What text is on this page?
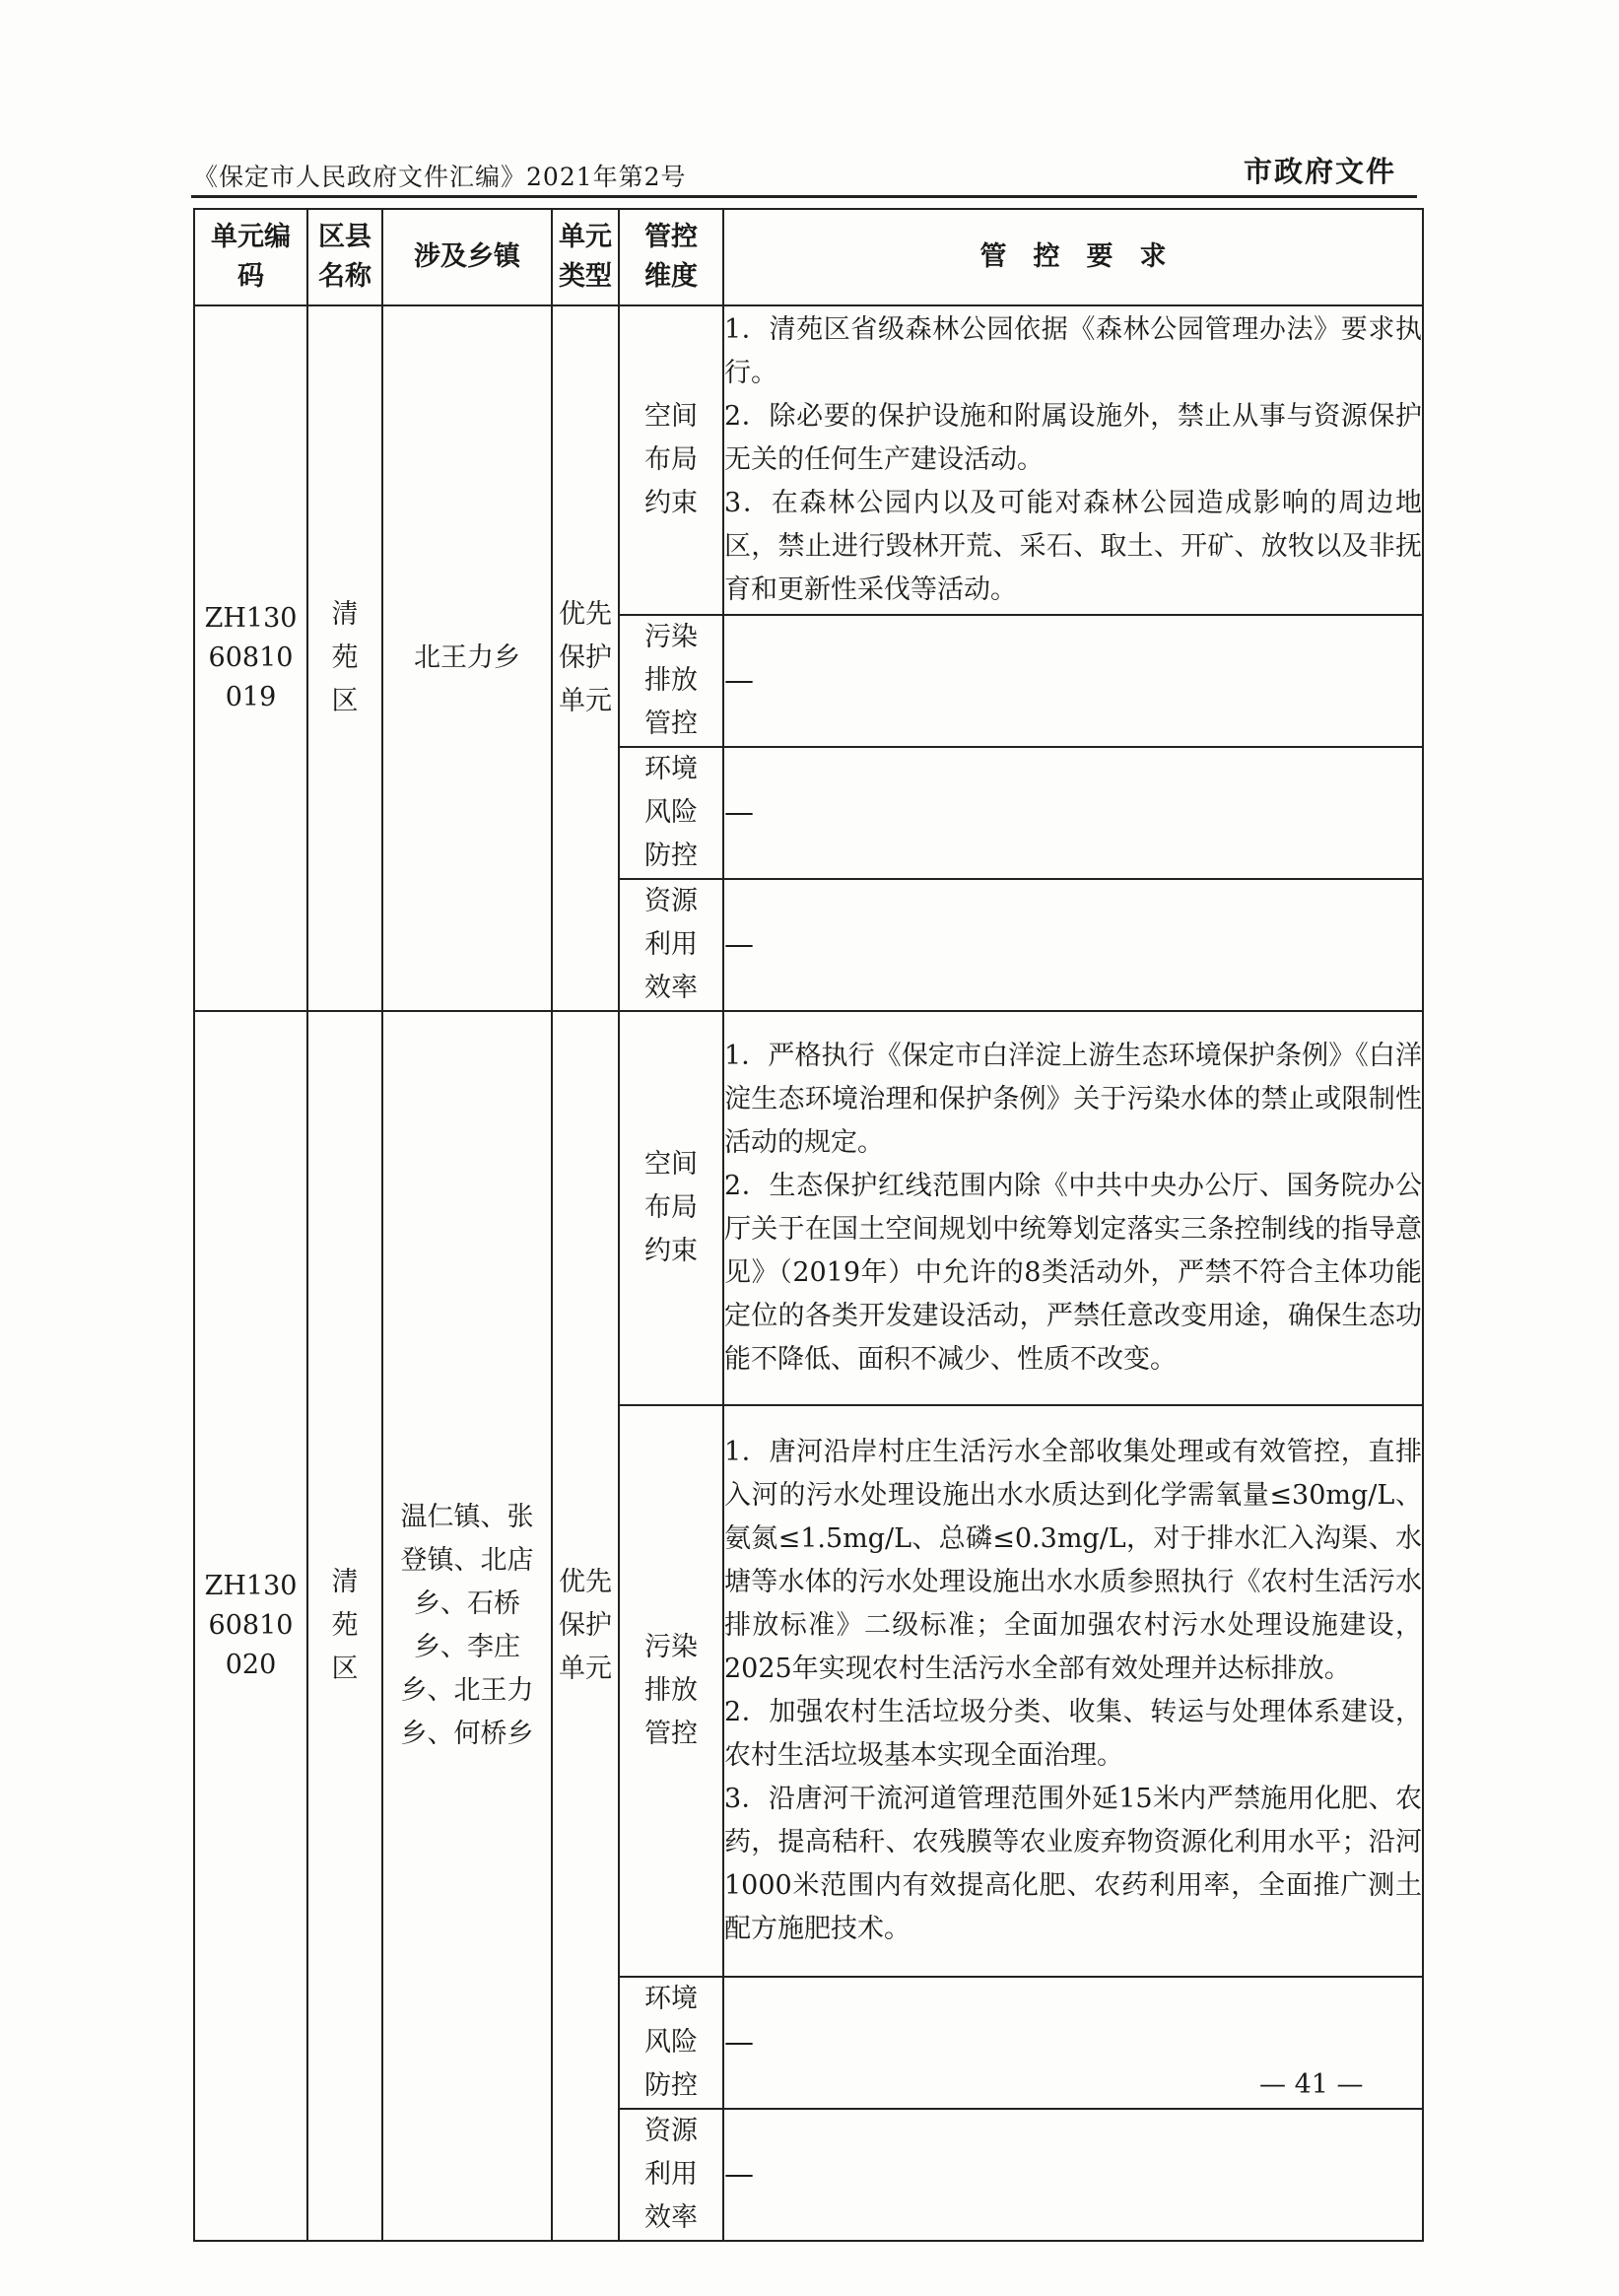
《保定市人民政府文件汇编》2021年第2号	市政府文件
单元编码	区县名称	涉及乡镇	单元类型	管控维度	管　控　要　求
ZH13060810019	清苑区	北王力乡	优先保护单元	空间布局约束	1．清苑区省级森林公园依据《森林公园管理办法》要求执行。

2．除必要的保护设施和附属设施外，禁止从事与资源保护无关的任何生产建设活动。

3．在森林公园内以及可能对森林公园造成影响的周边地区，禁止进行毁林开荒、采石、取土、开矿、放牧以及非抚育和更新性采伐等活动。

				污染排放管控	—
				环境风险防控	—
				资源利用效率	—
ZH13060810020	清苑区	温仁镇、张登镇、北店乡、石桥乡、李庄乡、北王力乡、何桥乡	优先保护单元	空间布局约束	1．严格执行《保定市白洋淀上游生态环境保护条例》《白洋淀生态环境治理和保护条例》关于污染水体的禁止或限制性活动的规定。

2．生态保护红线范围内除《中共中央办公厅、国务院办公厅关于在国土空间规划中统筹划定落实三条控制线的指导意见》（2019年）中允许的8类活动外，严禁不符合主体功能定位的各类开发建设活动，严禁任意改变用途，确保生态功能不降低、面积不减少、性质不改变。

				污染排放管控	1．唐河沿岸村庄生活污水全部收集处理或有效管控，直排入河的污水处理设施出水水质达到化学需氧量≤30mg/L、氨氮≤1.5mg/L、总磷≤0.3mg/L，对于排水汇入沟渠、水塘等水体的污水处理设施出水水质参照执行《农村生活污水排放标准》二级标准；全面加强农村污水处理设施建设，2025年实现农村生活污水全部有效处理并达标排放。

2．加强农村生活垃圾分类、收集、转运与处理体系建设，农村生活垃圾基本实现全面治理。

3．沿唐河干流河道管理范围外延15米内严禁施用化肥、农药，提高秸秆、农残膜等农业废弃物资源化利用水平；沿河1000米范围内有效提高化肥、农药利用率，全面推广测土配方施肥技术。

				环境风险防控	—
				资源利用效率	—
— 41 —
